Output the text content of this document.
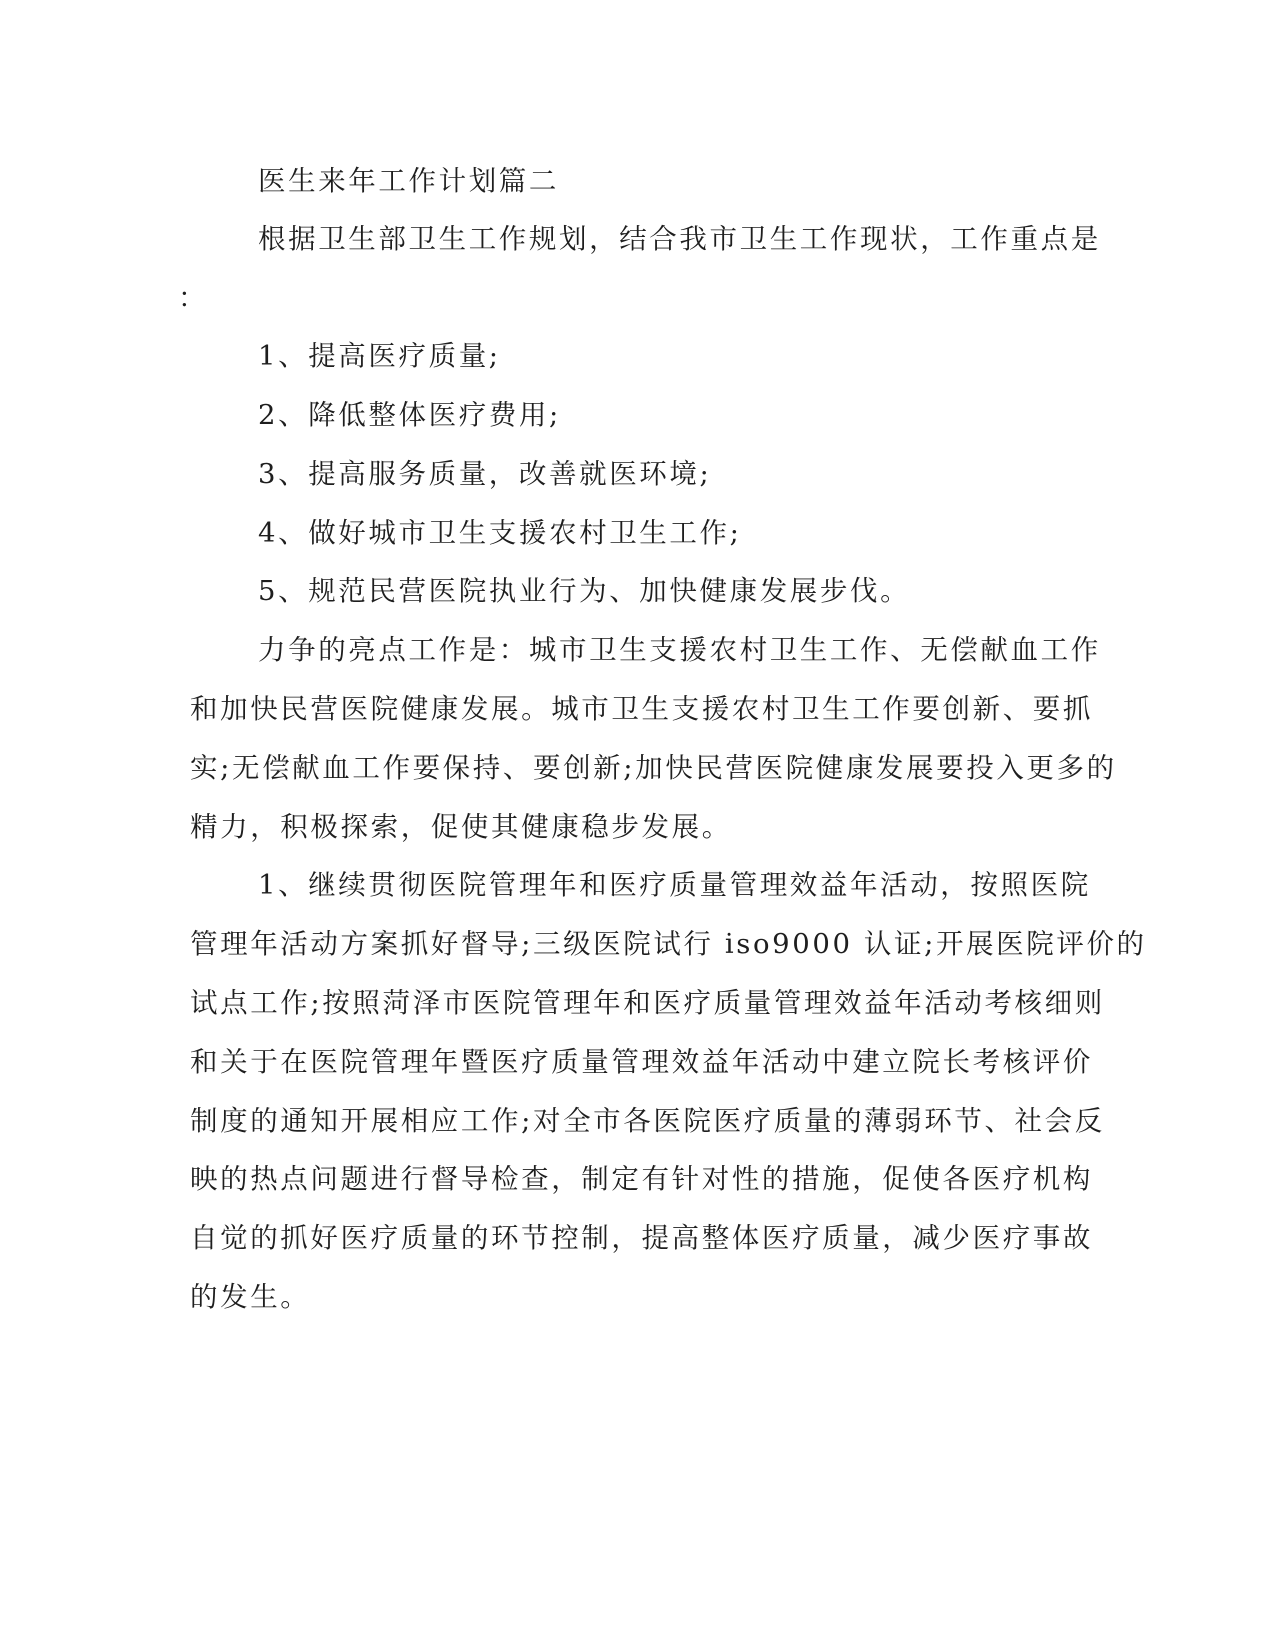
医生来年工作计划篇二
根据卫生部卫生工作规划，结合我市卫生工作现状，工作重点是
：
1、提高医疗质量;
2、降低整体医疗费用;
3、提高服务质量，改善就医环境;
4、做好城市卫生支援农村卫生工作;
5、规范民营医院执业行为、加快健康发展步伐。
力争的亮点工作是：城市卫生支援农村卫生工作、无偿献血工作
和加快民营医院健康发展。城市卫生支援农村卫生工作要创新、要抓
实;无偿献血工作要保持、要创新;加快民营医院健康发展要投入更多的
精力，积极探索，促使其健康稳步发展。
1、继续贯彻医院管理年和医疗质量管理效益年活动，按照医院
管理年活动方案抓好督导;三级医院试行 iso9000 认证;开展医院评价的
试点工作;按照菏泽市医院管理年和医疗质量管理效益年活动考核细则
和关于在医院管理年暨医疗质量管理效益年活动中建立院长考核评价
制度的通知开展相应工作;对全市各医院医疗质量的薄弱环节、社会反
映的热点问题进行督导检查，制定有针对性的措施，促使各医疗机构
自觉的抓好医疗质量的环节控制，提高整体医疗质量，减少医疗事故
的发生。
